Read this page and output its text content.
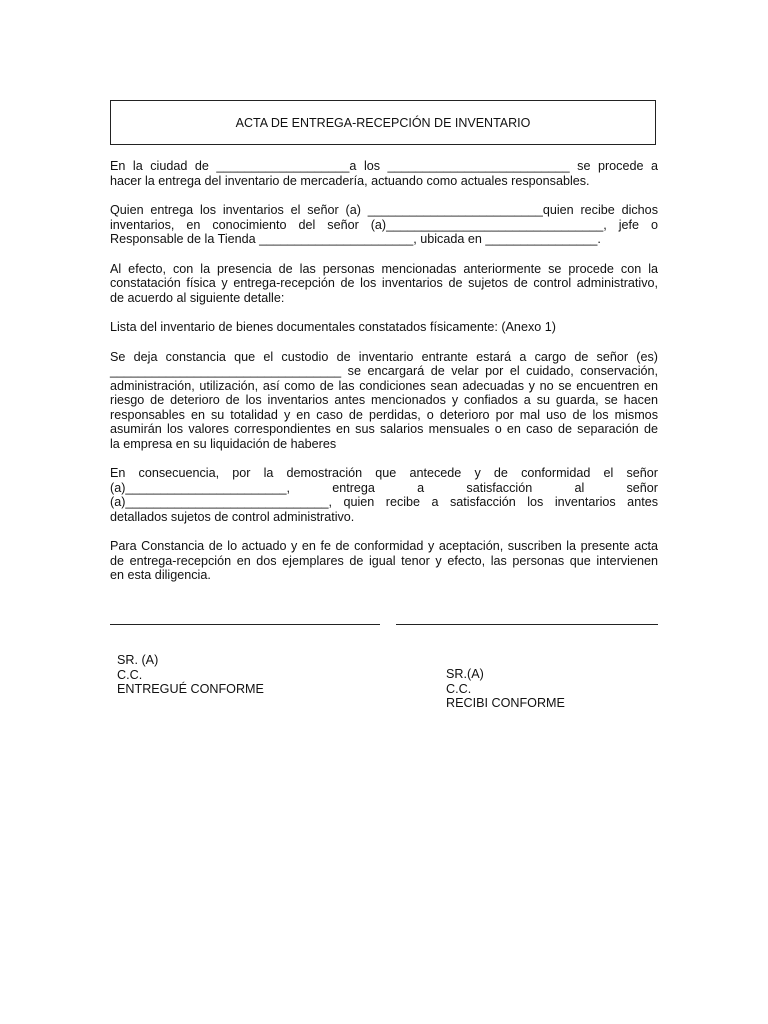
ACTA DE ENTREGA-RECEPCIÓN DE INVENTARIO
En la ciudad de ___________________a los __________________________ se procede a
hacer la entrega del inventario de mercadería, actuando como actuales responsables.
Quien entrega los inventarios el señor (a) _________________________quien recibe dichos
inventarios, en conocimiento del señor (a)_______________________________, jefe o
Responsable de la Tienda ______________________, ubicada en ________________.
Al efecto, con la presencia de las personas mencionadas anteriormente se procede con la
constatación física y entrega-recepción de los inventarios de sujetos de control administrativo,
de acuerdo al siguiente detalle:
Lista del inventario de bienes documentales constatados físicamente: (Anexo 1)
Se deja constancia que el custodio de inventario entrante estará a cargo de señor (es)
_________________________________ se encargará de velar por el cuidado, conservación,
administración, utilización, así como de las condiciones sean adecuadas y no se encuentren en
riesgo de deterioro de los inventarios antes mencionados y confiados a su guarda, se hacen
responsables en su totalidad y en caso de perdidas, o deterioro por mal uso de los mismos
asumirán los valores correspondientes en sus salarios mensuales o en caso de separación de
la empresa en su liquidación de haberes
En consecuencia, por la demostración que antecede y de conformidad el señor
(a)_______________________, entrega a satisfacción al señor
(a)_____________________________, quien recibe a satisfacción los inventarios antes
detallados sujetos de control administrativo.
Para Constancia de lo actuado y en fe de conformidad y aceptación, suscriben la presente acta
de entrega-recepción en dos ejemplares de igual tenor y efecto, las personas que intervienen
en esta diligencia.
SR. (A)
C.C.
ENTREGUÉ CONFORME
SR.(A)
C.C.
RECIBI CONFORME
